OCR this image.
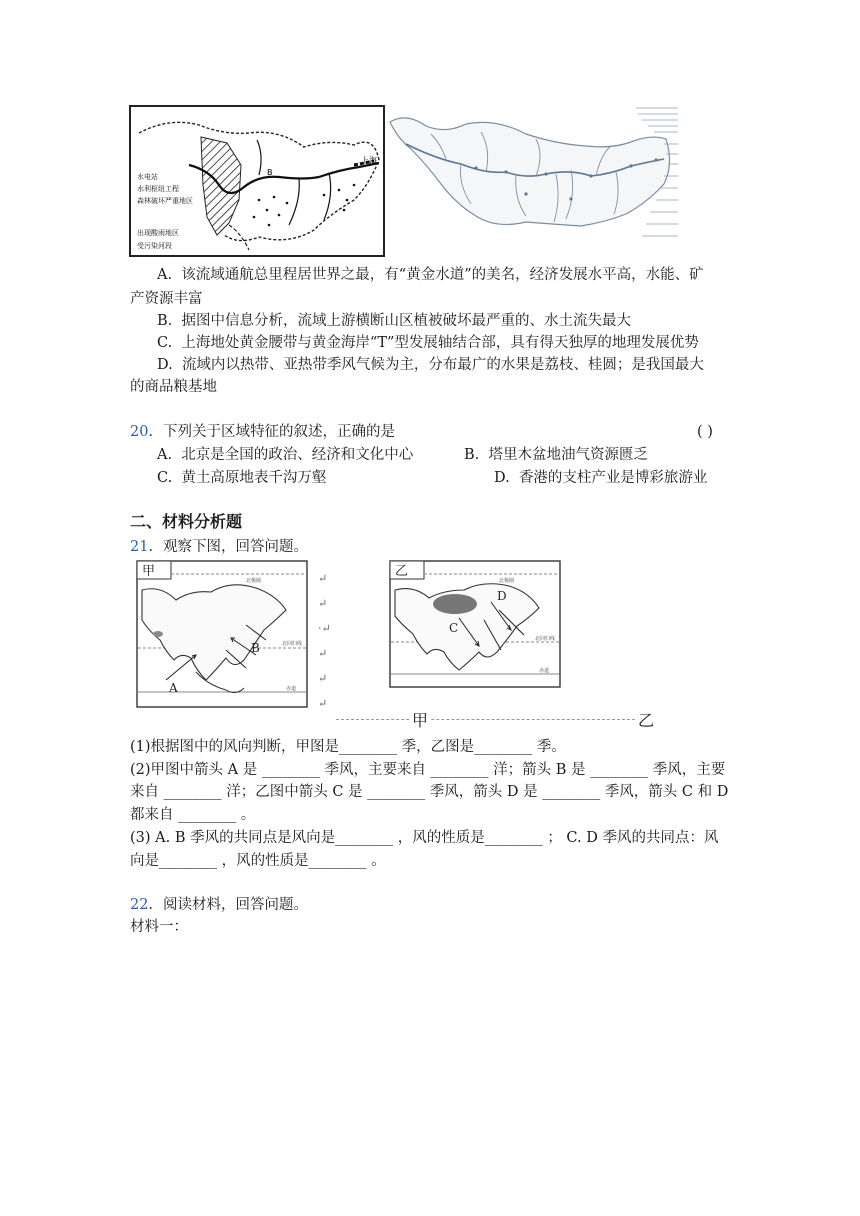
上海
B
水电站
水利枢纽工程
森林破坏严重地区
出现酸雨地区
受污染河段
A. 该流域通航总里程居世界之最，有“黄金水道”的美名，经济发展水平高，水能、矿
产资源丰富
B. 据图中信息分析，流域上游横断山区植被破坏最严重的、水土流失最大
C. 上海地处黄金腰带与黄金海岸“T”型发展轴结合部，具有得天独厚的地理发展优势
D. 流域内以热带、亚热带季风气候为主，分布最广的水果是荔枝、桂圆；是我国最大
的商品粮基地
20．下列关于区域特征的叙述，正确的是	( )
A. 北京是全国的政治、经济和文化中心	B. 塔里木盆地油气资源匮乏
C. 黄土高原地表千沟万壑	D. 香港的支柱产业是博彩旅游业
二、材料分析题
21．观察下图，回答问题。
甲
北极圈
北回归线
赤道
A
B
↵
↵
·↵
↵
↵
↵
乙
北极圈
北回归线
赤道
D
C
甲	乙
(1)根据图中的风向判断，甲图是________ 季，乙图是________ 季。
(2)甲图中箭头 A 是 ________ 季风，主要来自 ________ 洋；箭头 B 是 ________ 季风，主要
来自 ________ 洋；乙图中箭头 C 是 ________ 季风，箭头 D 是 ________ 季风，箭头 C 和 D
都来自 ________ 。
(3) A. B 季风的共同点是风向是________ ，风的性质是________ ； C. D 季风的共同点：风
向是________ ，风的性质是________ 。
22．阅读材料，回答问题。
材料一：
